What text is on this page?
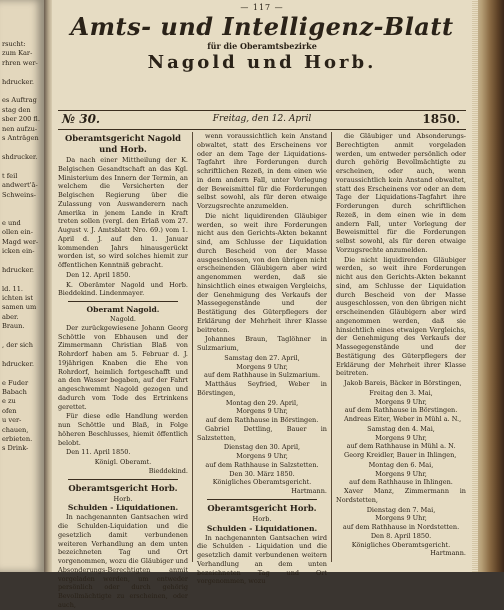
rsucht:
zum Kar-
rhren wer-

hdrucker.

es Auftrag
stag den
sber 200 fl.
nen aufzu-
s Anträgen

shdrucker.

t feil
andwert'ā-
Schweins-

e und
ollen ein-
Magd wer-
icken ein-

hdrucker.

ld. 11.
ichten ist
samen um
aber.
Braun.

, der sich

hdrucker.

e Fuder
Babach
e zu
ofen
u ver-
chauen,
erbieten.
s Drink-
— 117 —
Amts- und Intelligenz-Blatt
für die Oberamtsbezirke
Nagold und Horb.
№ 30.	Freitag, den 12. April	1850.
Oberamtsgericht Nagold und Horb.
Da nach einer Mittheilung der K. Belgischen Gesandtschaft an das Kgl. Ministerium des Innern der Termin, an welchem die Versicherten der Belgischen Regierung über die Zulassung von Auswanderern nach Amerika in jenem Lande in Kraft treten sollen (vergl. den Erlaß vom 27. August v. J. Amtsblatt Nro. 69.) vom 1. April d. J. auf den 1. Januar kommenden Jahrs hinausgerückt worden ist, so wird solches hiemit zur öffentlichen Kenntniß gebracht.
Den 12. April 1850.
K. Oberämter Nagold und Horb. Bieddekind. Lindenmayer.
Oberamt Nagold.
Nagold.
Der zurückgewiesene Johann Georg Schöttle von Ebhausen und der Zimmermann Christian Blaß von Rohrdorf haben am 5. Februar d. J. 19jährigen Knaben die Ehe von Rohrdorf, heimlich fortgeschafft und an den Wasser begaben, auf der Fahrt angeschwemmt Nagold gezogen und dadurch vom Tode des Ertrinkens gerettet.
Für diese edle Handlung werden nun Schöttle und Blaß, in Folge höheren Beschlusses, hiemit öffentlich belobt.
Den 11. April 1850.
Königl. Oberamt.
Bieddekind.
Oberamtsgericht Horb.
Horb.
Schulden - Liquidationen.
In nachgenannten Gantsachen wird die Schulden-Liquidation und die gesetzlich damit verbundenen weiteren Verhandlung an dem unten bezeichneten Tag und Ort vorgenommen, wozu die Gläubiger und Absonderungs-Berechtigten anmit vorgeladen werden, um entweder persönlich oder durch gehörig Bevollmächtigte zu erscheinen, oder auch,
wenn voraussichtlich kein Anstand obwaltet, statt des Erscheinens vor oder an dem Tage der Liquidations-Tagfahrt ihre Forderungen durch schriftlichen Rezeß, in dem einen wie in dem andern Fall, unter Vorlegung der Beweismittel für die Forderungen selbst sowohl, als für deren etwaige Vorzugsrechte anzumelden.
Die nicht liquidirenden Gläubiger werden, so weit ihre Forderungen nicht aus den Gerichts-Akten bekannt sind, am Schlusse der Liquidation durch Bescheid von der Masse ausgeschlossen, von den übrigen nicht erscheinenden Gläubigern aber wird angenommen werden, daß sie hinsichtlich eines etwaigen Vergleichs, der Genehmigung des Verkaufs der Massegegenstände und der Bestätigung des Güterpflegers der Erklärung der Mehrheit ihrer Klasse beitreten.
Johannes Braun, Taglöhner in Sulzmarium,
Samstag den 27. April,
Morgens 9 Uhr,
auf dem Rathhause in Sulzmarium.
Matthäus Seyfried, Weber in Börstingen,
Montag den 29. April,
Morgens 9 Uhr,
auf dem Rathhause in Börstingen.
Gabriel Dettling, Bauer in Salzstetten,
Dienstag den 30. April,
Morgens 9 Uhr,
auf dem Rathhause in Salzstetten.
Den 30. März 1850.
Königliches Oberamtsgericht.
Hartmann.
Oberamtsgericht Horb.
Horb.
Schulden - Liquidationen.
In nachgenannten Gantsachen wird die Schulden - Liquidation und die gesetzlich damit verbundenen weitern Verhandlung an dem unten bezeichneten Tag und Ort vorgenommen, wozu
die Gläubiger und Absonderungs-Berechtigten anmit vorgeladen werden, um entweder persönlich oder durch gehörig Bevollmächtigte zu erscheinen, oder auch, wenn voraussichtlich kein Anstand obwaltet, statt des Erscheinens vor oder an dem Tage der Liquidations-Tagfahrt ihre Forderungen durch schriftlichen Rezeß, in dem einen wie in dem andern Fall, unter Vorlegung der Beweismittel für die Forderungen selbst sowohl, als für deren etwaige Vorzugsrechte anzumelden.
Die nicht liquidirenden Gläubiger werden, so weit ihre Forderungen nicht aus den Gerichts-Akten bekannt sind, am Schlusse der Liquidation durch Bescheid von der Masse ausgeschlossen, von den übrigen nicht erscheinenden Gläubigern aber wird angenommen werden, daß sie hinsichtlich eines etwaigen Vergleichs, der Genehmigung des Verkaufs der Massegegenstände und der Bestätigung des Güterpflegers der Erklärung der Mehrheit ihrer Klasse beitreten.
Jakob Bareis, Bäcker in Börstingen,
Freitag den 3. Mai,
Morgens 9 Uhr,
auf dem Rathhause in Börstingen.
Andreas Eiter, Weber in Mühl a. N.,
Samstag den 4. Mai,
Morgens 9 Uhr,
auf dem Rathhause in Mühl a. N.
Georg Kreidler, Bauer in Ihlingen,
Montag den 6. Mai,
Morgens 9 Uhr,
auf dem Rathhause in Ihlingen.
Xaver Manz, Zimmermann in Nordstetten,
Dienstag den 7. Mai,
Morgens 9 Uhr,
auf dem Rathhause in Nordstetten.
Den 8. April 1850.
Königliches Oberamtsgericht.
Hartmann.
